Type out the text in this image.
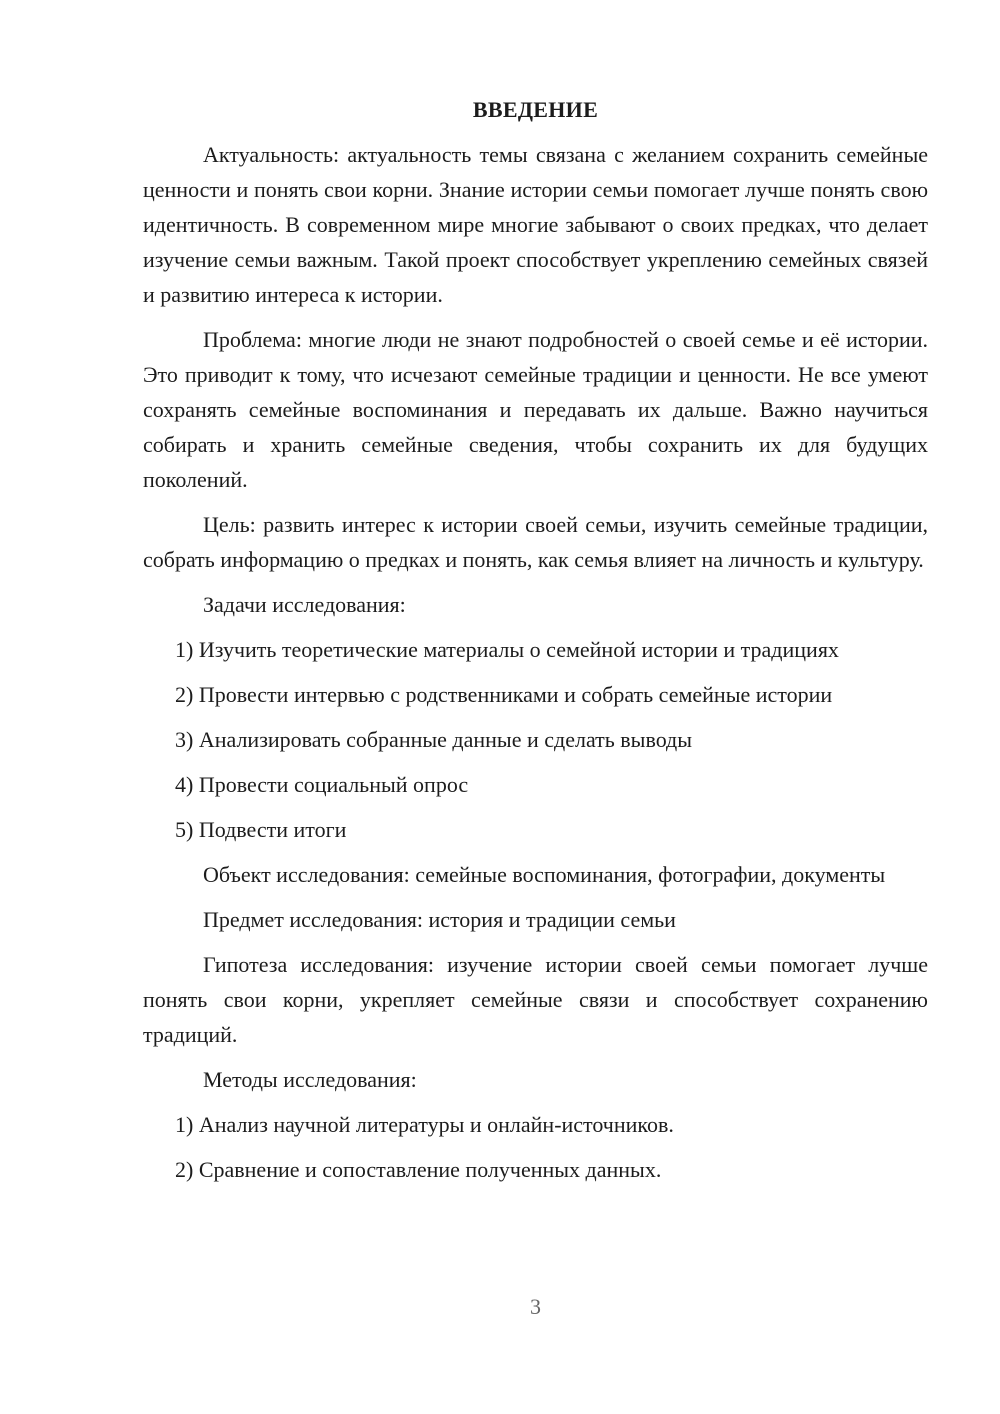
ВВЕДЕНИЕ
Актуальность: актуальность темы связана с желанием сохранить семейные ценности и понять свои корни. Знание истории семьи помогает лучше понять свою идентичность. В современном мире многие забывают о своих предках, что делает изучение семьи важным. Такой проект способствует укреплению семейных связей и развитию интереса к истории.
Проблема: многие люди не знают подробностей о своей семье и её истории. Это приводит к тому, что исчезают семейные традиции и ценности. Не все умеют сохранять семейные воспоминания и передавать их дальше. Важно научиться собирать и хранить семейные сведения, чтобы сохранить их для будущих поколений.
Цель: развить интерес к истории своей семьи, изучить семейные традиции, собрать информацию о предках и понять, как семья влияет на личность и культуру.
Задачи исследования:
1) Изучить теоретические материалы о семейной истории и традициях
2) Провести интервью с родственниками и собрать семейные истории
3) Анализировать собранные данные и сделать выводы
4) Провести социальный опрос
5) Подвести итоги
Объект исследования: семейные воспоминания, фотографии, документы
Предмет исследования: история и традиции семьи
Гипотеза исследования: изучение истории своей семьи помогает лучше понять свои корни, укрепляет семейные связи и способствует сохранению традиций.
Методы исследования:
1) Анализ научной литературы и онлайн-источников.
2) Сравнение и сопоставление полученных данных.
3
